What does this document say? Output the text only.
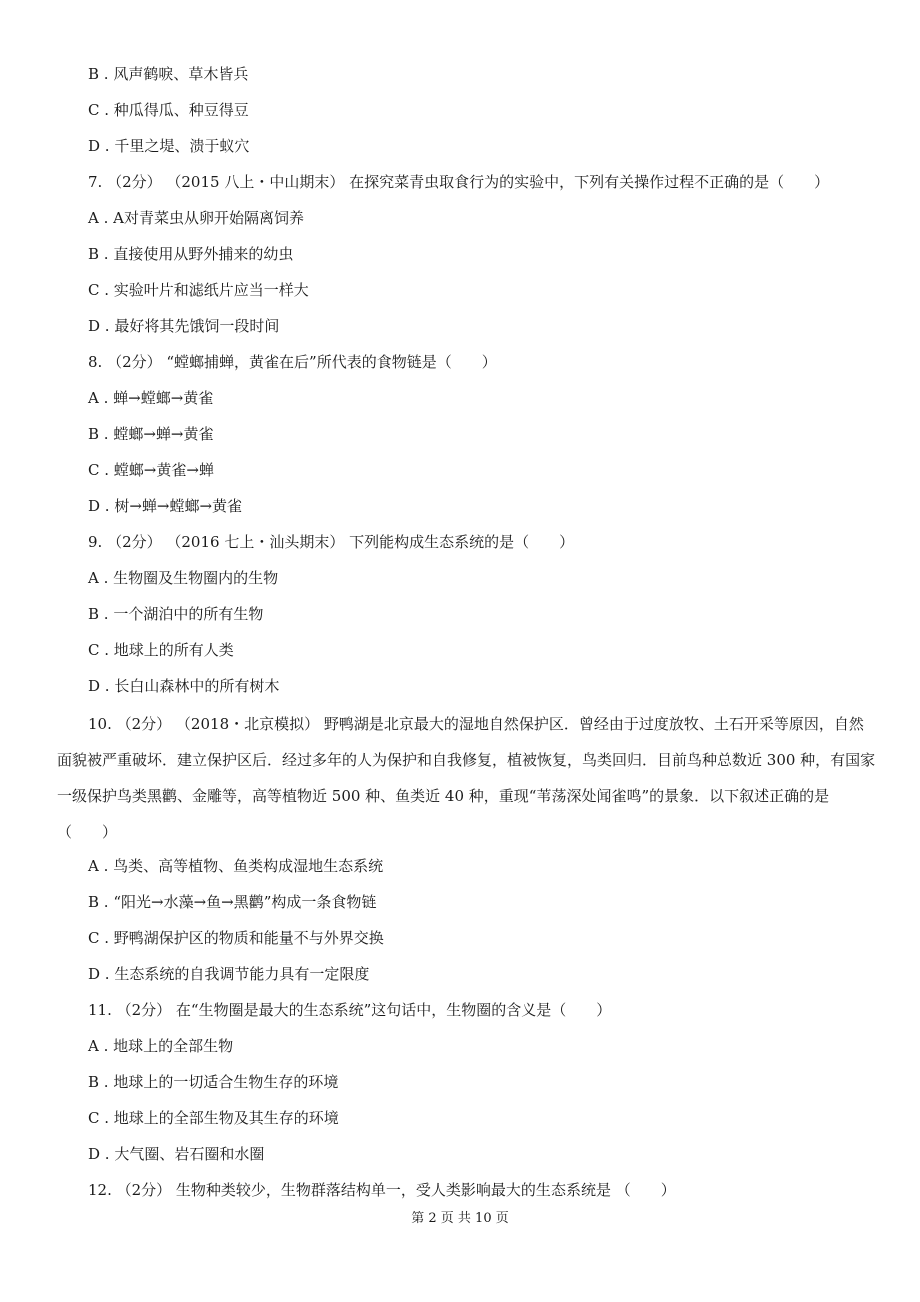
B . 风声鹤唳、草木皆兵
C . 种瓜得瓜、种豆得豆
D . 千里之堤、溃于蚁穴
7. （2分） （2015 八上・中山期末） 在探究菜青虫取食行为的实验中，下列有关操作过程不正确的是（　　）
A . A对青菜虫从卵开始隔离饲养
B . 直接使用从野外捕来的幼虫
C . 实验叶片和滤纸片应当一样大
D . 最好将其先饿饲一段时间
8. （2分） “螳螂捕蝉，黄雀在后”所代表的食物链是（　　）
A . 蝉→螳螂→黄雀
B . 螳螂→蝉→黄雀
C . 螳螂→黄雀→蝉
D . 树→蝉→螳螂→黄雀
9. （2分） （2016 七上・汕头期末） 下列能构成生态系统的是（　　）
A . 生物圈及生物圈内的生物
B . 一个湖泊中的所有生物
C . 地球上的所有人类
D . 长白山森林中的所有树木
10. （2分） （2018・北京模拟） 野鸭湖是北京最大的湿地自然保护区．曾经由于过度放牧、土石开采等原因，自然面貌被严重破坏．建立保护区后．经过多年的人为保护和自我修复，植被恢复，鸟类回归．目前鸟种总数近 300 种，有国家一级保护鸟类黑鹳、金雕等，高等植物近 500 种、鱼类近 40 种，重现“苇荡深处闻雀鸣”的景象．以下叙述正确的是（　　）
A . 鸟类、高等植物、鱼类构成湿地生态系统
B . “阳光→水藻→鱼→黑鹳”构成一条食物链
C . 野鸭湖保护区的物质和能量不与外界交换
D . 生态系统的自我调节能力具有一定限度
11. （2分） 在“生物圈是最大的生态系统”这句话中，生物圈的含义是（　　）
A . 地球上的全部生物
B . 地球上的一切适合生物生存的环境
C . 地球上的全部生物及其生存的环境
D . 大气圈、岩石圈和水圈
12. （2分） 生物种类较少，生物群落结构单一，受人类影响最大的生态系统是 （　　）
第 2 页 共 10 页
